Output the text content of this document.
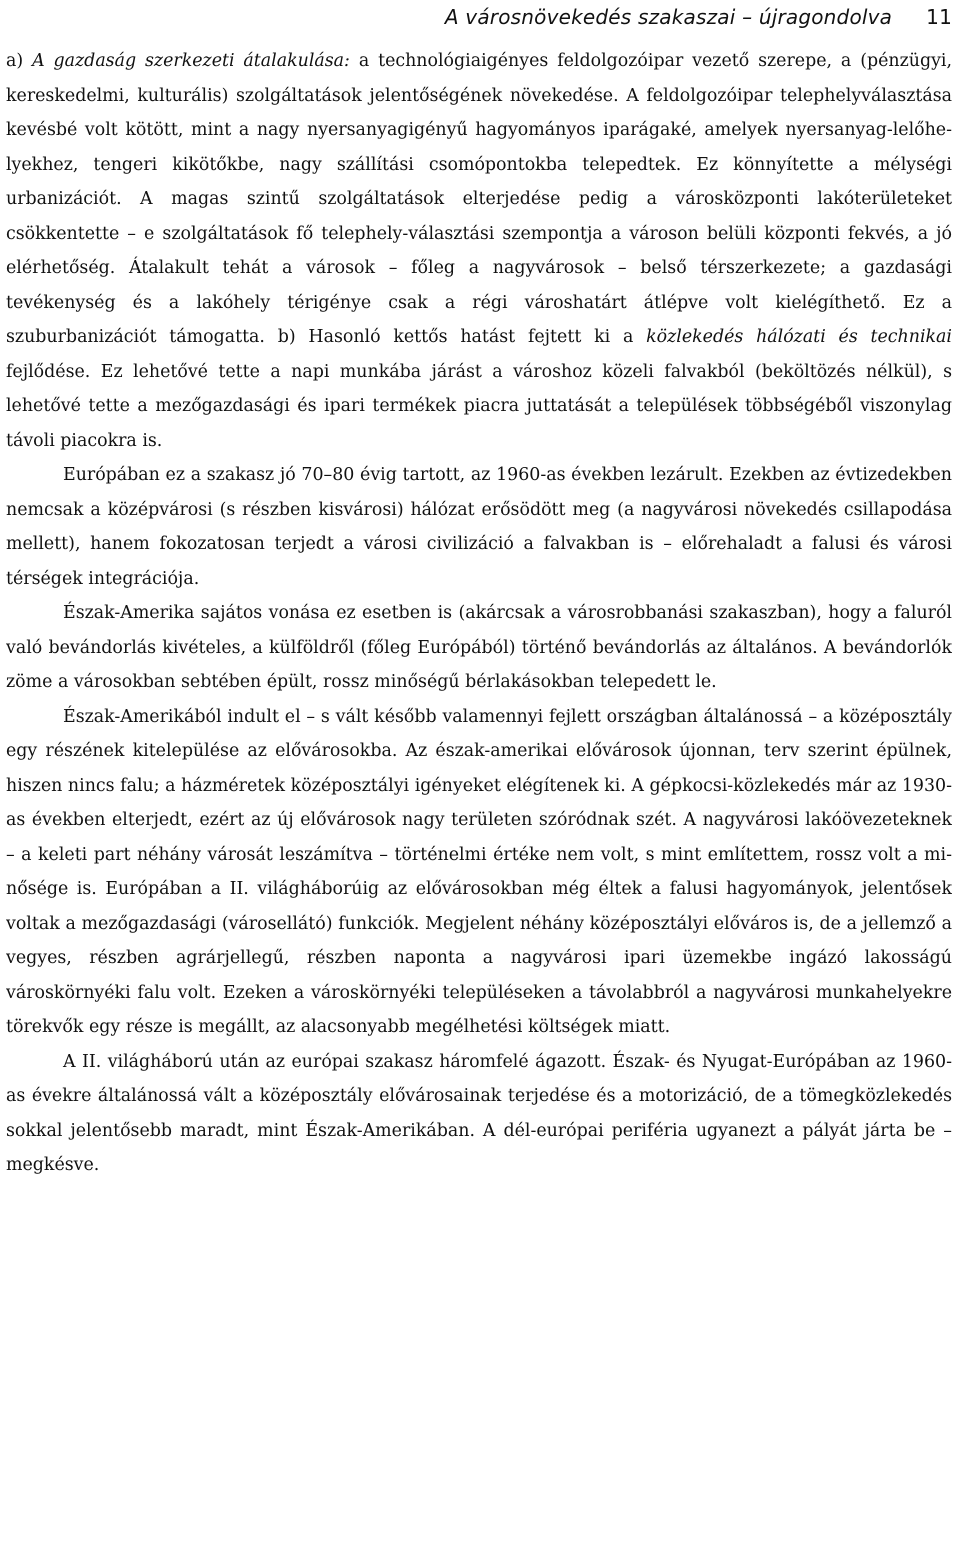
A városnövekedés szakaszai – újragondolva 11

a) A gazdaság szerkezeti átalakulása: a technológiaigényes feldolgozóipar vezető szerepe, a (pénzügyi, kereskedelmi, kulturális) szolgáltatások jelentőségének növekedése. A feldolgozóipar telephelyválasztása kevésbé volt kötött, mint a nagy nyersanyagigényű hagyományos iparágaké, amelyek nyersanyag-lelőhelyekhez, tengeri kikötőkbe, nagy szállítási csomópontokba telepedtek. Ez könnyítette a mélységi urbanizációt. A magas szintű szolgáltatások elterjedése pedig a városközponti lakóterületeket csökkentette – e szolgáltatások fő telephely-választási szempontja a városon belüli központi fekvés, a jó elérhetőség. Átalakult tehát a városok – főleg a nagyvárosok – belső térszerkezete; a gazdasági tevékenység és a lakóhely térigénye csak a régi városhatárt átlépve volt kielégíthető. Ez a szuburbanizációt támogatta. b) Hasonló kettős hatást fejtett ki a közlekedés hálózati és technikai fejlődése. Ez lehetővé tette a napi munkába járást a városhoz közeli falvakból (beköltözés nélkül), s lehetővé tette a mezőgazdasági és ipari termékek piacra juttatását a települések többségéből viszonylag távoli piacokra is.

Európában ez a szakasz jó 70–80 évig tartott, az 1960-as években lezárult. Ezekben az évtizedekben nemcsak a középvárosi (s részben kisvárosi) hálózat erősödött meg (a nagyvárosi növekedés csillapodása mellett), hanem fokozatosan terjedt a városi civilizáció a falvakban is – előrehaladt a falusi és városi térségek integrációja.

Észak-Amerika sajátos vonása ez esetben is (akárcsak a városrobbanási szakaszban), hogy a faluról való bevándorlás kivételes, a külföldről (főleg Európából) történő bevándorlás az általános. A bevándorlók zöme a városokban sebtében épült, rossz minőségű bérlakásokban telepedett le.

Észak-Amerikából indult el – s vált később valamennyi fejlett országban általánossá – a középosztály egy részének kitelepülése az elővárosokba. Az észak-amerikai elővárosok újonnan, terv szerint épülnek, hiszen nincs falu; a házméretek középosztályi igényeket elégítenek ki. A gépkocsi-közlekedés már az 1930-as években elterjedt, ezért az új elővárosok nagy területen szóródnak szét. A nagyvárosi lakóövezeteknek – a keleti part néhány városát leszámítva – történelmi értéke nem volt, s mint említettem, rossz volt a minősége is. Európában a II. világháborúig az elővárosokban még éltek a falusi hagyományok, jelentősek voltak a mezőgazdasági (városellátó) funkciók. Megjelent néhány középosztályi előváros is, de a jellemző a vegyes, részben agrárjellegű, részben naponta a nagyvárosi ipari üzemekbe ingázó lakosságú városkörnyéki falu volt. Ezeken a városkörnyéki településeken a távolabbról a nagyvárosi munkahelyekre törekvők egy része is megállt, az alacsonyabb megélhetési költségek miatt.

A II. világháború után az európai szakasz háromfelé ágazott. Észak- és Nyugat-Európában az 1960-as évekre általánossá vált a középosztály elővárosainak terjedése és a motorizáció, de a tömegközlekedés sokkal jelentősebb maradt, mint Észak-Amerikában. A dél-európai periféria ugyanezt a pályát járta be – megkésve.
